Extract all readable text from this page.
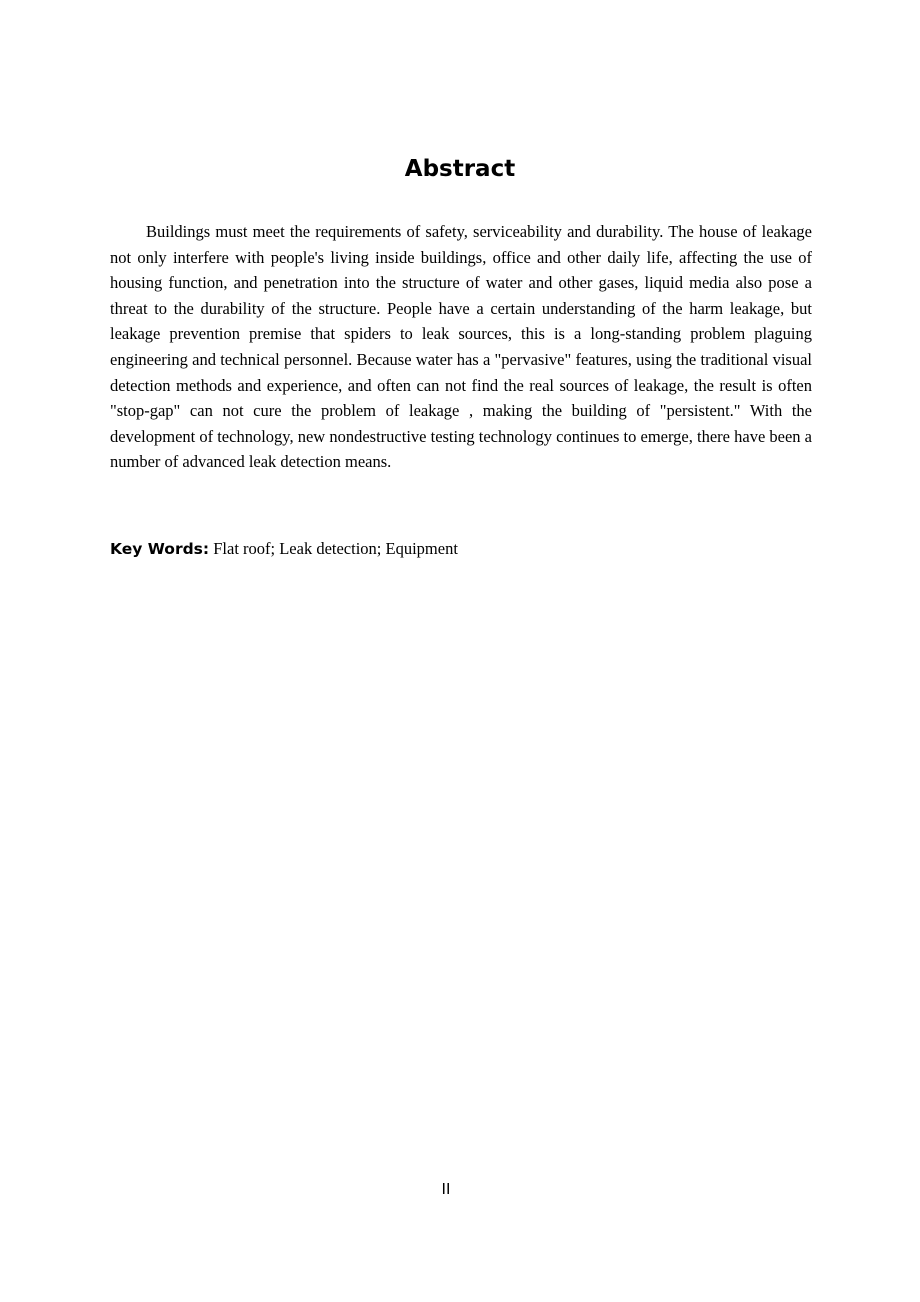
Abstract

Buildings must meet the requirements of safety, serviceability and durability. The house of leakage not only interfere with people's living inside buildings, office and other daily life, affecting the use of housing function, and penetration into the structure of water and other gases, liquid media also pose a threat to the durability of the structure. People have a certain understanding of the harm leakage, but leakage prevention premise that spiders to leak sources, this is a long-standing problem plaguing engineering and technical personnel. Because water has a "pervasive" features, using the traditional visual detection methods and experience, and often can not find the real sources of leakage, the result is often "stop-gap" can not cure the problem of leakage , making the building of "persistent." With the development of technology, new nondestructive testing technology continues to emerge, there have been a number of advanced leak detection means.

Key Words: Flat roof; Leak detection; Equipment

II
